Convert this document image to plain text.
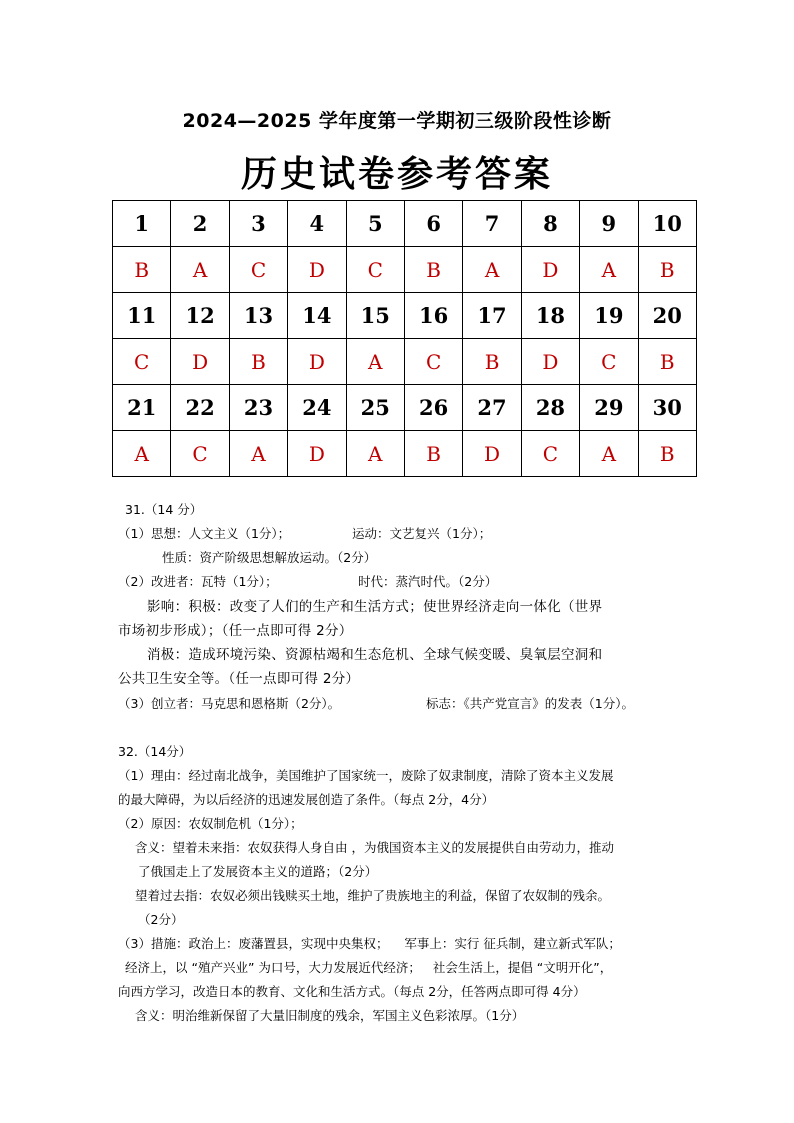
2024—2025 学年度第一学期初三级阶段性诊断
历史试卷参考答案
1	2	3	4	5	6	7	8	9	10
B	A	C	D	C	B	A	D	A	B
11	12	13	14	15	16	17	18	19	20
C	D	B	D	A	C	B	D	C	B
21	22	23	24	25	26	27	28	29	30
A	C	A	D	A	B	D	C	A	B
31.（14 分）
（1）思想：人文主义（1分）；	运动：文艺复兴（1分）；
性质：资产阶级思想解放运动。（2分）
（2）改进者：瓦特（1分）；	时代：蒸汽时代。（2分）
影响：积极：改变了人们的生产和生活方式；使世界经济走向一体化（世界
市场初步形成）；（任一点即可得 2分）
消极：造成环境污染、资源枯竭和生态危机、全球气候变暖、臭氧层空洞和
公共卫生安全等。（任一点即可得 2分）
（3）创立者：马克思和恩格斯（2分）。	标志：《共产党宣言》的发表（1分）。
32.（14分）
（1）理由：经过南北战争，美国维护了国家统一，废除了奴隶制度，清除了资本主义发展
的最大障碍，为以后经济的迅速发展创造了条件。（每点 2分，4分）
（2）原因：农奴制危机（1分）；
含义：望着未来指：农奴获得人身自由 ，为俄国资本主义的发展提供自由劳动力，推动
了俄国走上了发展资本主义的道路；（2分）
望着过去指：农奴必须出钱赎买土地，维护了贵族地主的利益，保留了农奴制的残余。
（2分）
（3）措施：政治上：废藩置县，实现中央集权；    军事上：实行 征兵制，建立新式军队；
经济上，以 “殖产兴业” 为口号，大力发展近代经济；   社会生活上，提倡 “文明开化”，
向西方学习，改造日本的教育、文化和生活方式。（每点 2分，任答两点即可得 4分）
含义：明治维新保留了大量旧制度的残余，军国主义色彩浓厚。（1分）
